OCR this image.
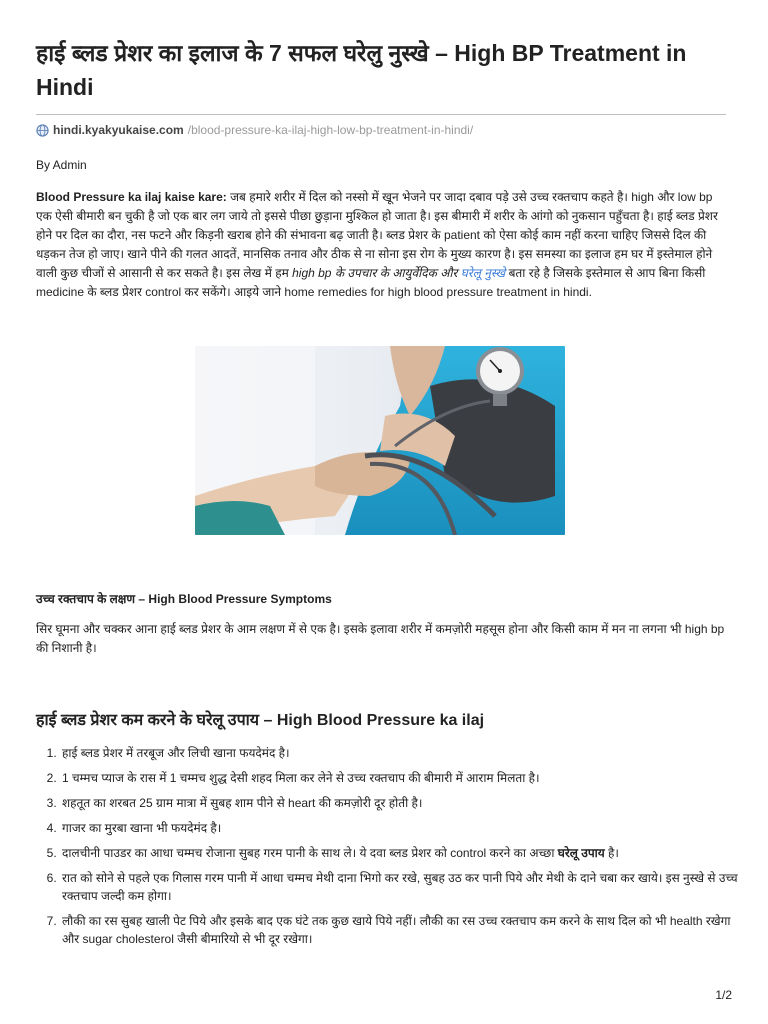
हाई ब्लड प्रेशर का इलाज के 7 सफल घरेलु नुस्खे – High BP Treatment in Hindi
hindi.kyakyukaise.com /blood-pressure-ka-ilaj-high-low-bp-treatment-in-hindi/
By Admin

Blood Pressure ka ilaj kaise kare: जब हमारे शरीर में दिल को नस्सो में खून भेजने पर जादा दबाव पड़े उसे उच्च रक्तचाप कहते है। high और low bp एक ऐसी बीमारी बन चुकी है जो एक बार लग जाये तो इससे पीछा छुड़ाना मुश्किल हो जाता है। इस बीमारी में शरीर के आंगो को नुकसान पहुँचता है। हाई ब्लड प्रेशर होने पर दिल का दौरा, नस फटने और किड़नी खराब होने की संभावना बढ़ जाती है। ब्लड प्रेशर के patient को ऐसा कोई काम नहीं करना चाहिए जिससे दिल की धड़कन तेज हो जाए। खाने पीने की गलत आदतें, मानसिक तनाव और ठीक से ना सोना इस रोग के मुख्य कारण है। इस समस्या का इलाज हम घर में इस्तेमाल होने वाली कुछ चीजों से आसानी से कर सकते है। इस लेख में हम high bp के उपचार के आयुर्वेदिक और घरेलू नुस्खे बता रहे है जिसके इस्तेमाल से आप बिना किसी medicine के ब्लड प्रेशर control कर सकेंगे। आइये जाने home remedies for high blood pressure treatment in hindi.

उच्च रक्तचाप के लक्षण – High Blood Pressure Symptoms

सिर घूमना और चक्कर आना हाई ब्लड प्रेशर के आम लक्षण में से एक है। इसके इलावा शरीर में कमज़ोरी महसूस होना और किसी काम में मन ना लगना भी high bp की निशानी है।

हाई ब्लड प्रेशर कम करने के घरेलू उपाय – High Blood Pressure ka ilaj
1. हाई ब्लड प्रेशर में तरबूज और लिची खाना फयदेमंद है।
2. 1 चम्मच प्याज के रास में 1 चम्मच शुद्ध देसी शहद मिला कर लेने से उच्च रक्तचाप की बीमारी में आराम मिलता है।
3. शहतूत का शरबत 25 ग्राम मात्रा में सुबह शाम पीने से heart की कमज़ोरी दूर होती है।
4. गाजर का मुरबा खाना भी फयदेमंद है।
5. दालचीनी पाउडर का आधा चम्मच रोजाना सुबह गरम पानी के साथ ले। ये दवा ब्लड प्रेशर को control करने का अच्छा घरेलू उपाय है।
6. रात को सोने से पहले एक गिलास गरम पानी में आधा चम्मच मेथी दाना भिगो कर रखे, सुबह उठ कर पानी पिये और मेथी के दाने चबा कर खाये। इस नुस्खे से उच्च रक्तचाप जल्दी कम होगा।
7. लौकी का रस सुबह खाली पेट पिये और इसके बाद एक घंटे तक कुछ खाये पिये नहीं। लौकी का रस उच्च रक्तचाप कम करने के साथ दिल को भी health रखेगा और sugar cholesterol जैसी बीमारियो से भी दूर रखेगा।
1/2
